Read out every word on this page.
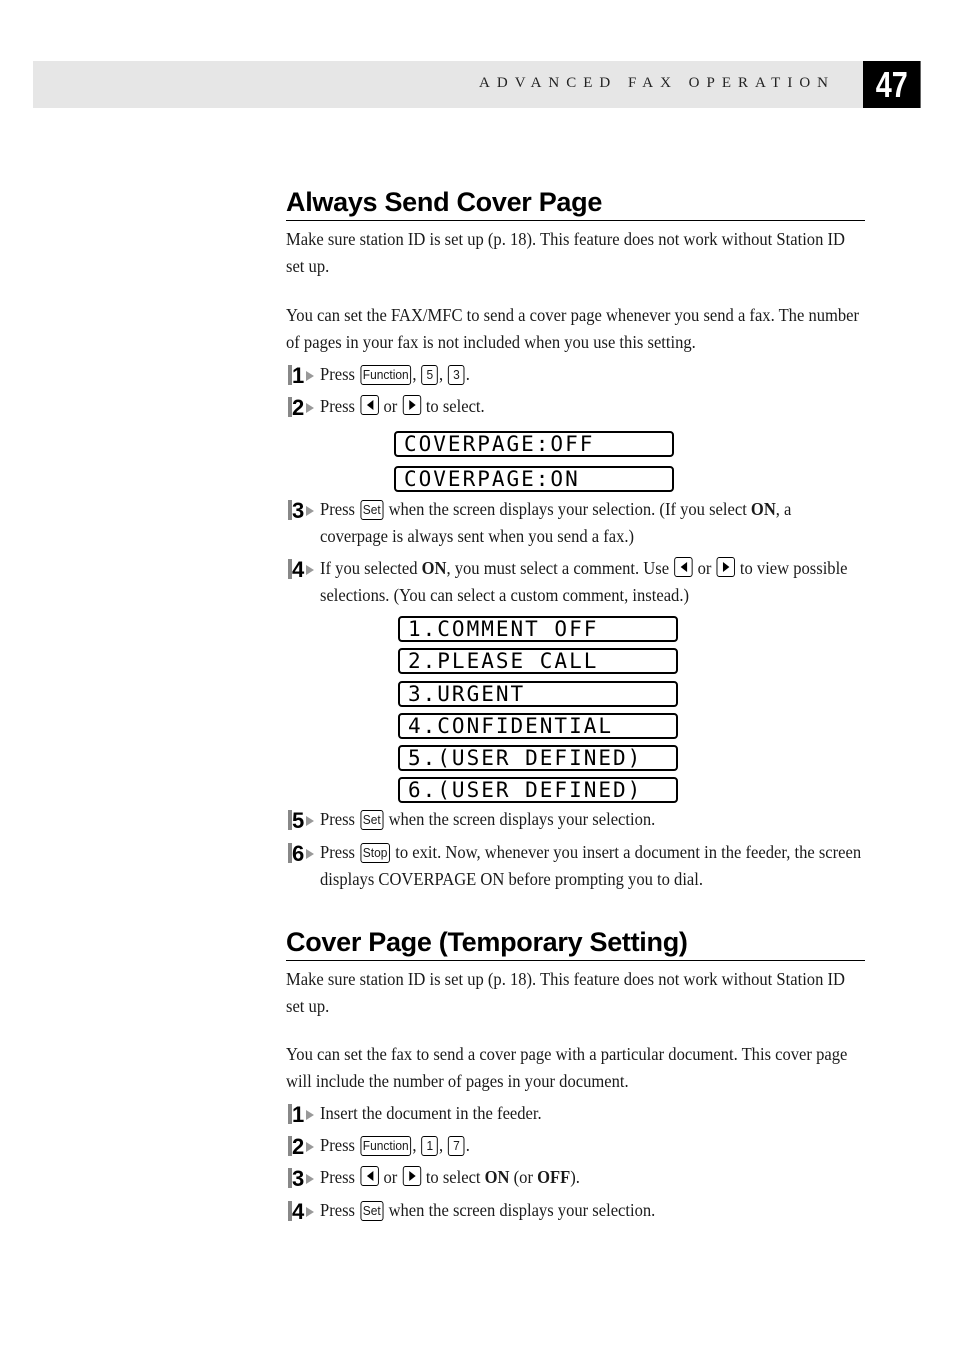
ADVANCED FAX OPERATION	47
Always Send Cover Page

Make sure station ID is set up (p. 18). This feature does not work without Station ID set up.

You can set the FAX/MFC to send a cover page whenever you send a fax. The number of pages in your fax is not included when you use this setting.

1 Press Function , 5 , 3 .
2 Press or to select.
COVERPAGE:OFF
COVERPAGE:ON
3 Press Set when the screen displays your selection. (If you select ON, a coverpage is always sent when you send a fax.)
4 If you selected ON, you must select a comment. Use  or  to view possible selections. (You can select a custom comment, instead.)
1.COMMENT OFF
2.PLEASE CALL
3.URGENT
4.CONFIDENTIAL
5.(USER DEFINED)
6.(USER DEFINED)
5 Press Set when the screen displays your selection.
6 Press Stop to exit. Now, whenever you insert a document in the feeder, the screen displays COVERPAGE ON before prompting you to dial.
Cover Page (Temporary Setting)

Make sure station ID is set up (p. 18). This feature does not work without Station ID set up.

You can set the fax to send a cover page with a particular document. This cover page will include the number of pages in your document.

1 Insert the document in the feeder.
2 Press Function , 1 , 7 .
3 Press or to select ON (or OFF).
4 Press Set when the screen displays your selection.
